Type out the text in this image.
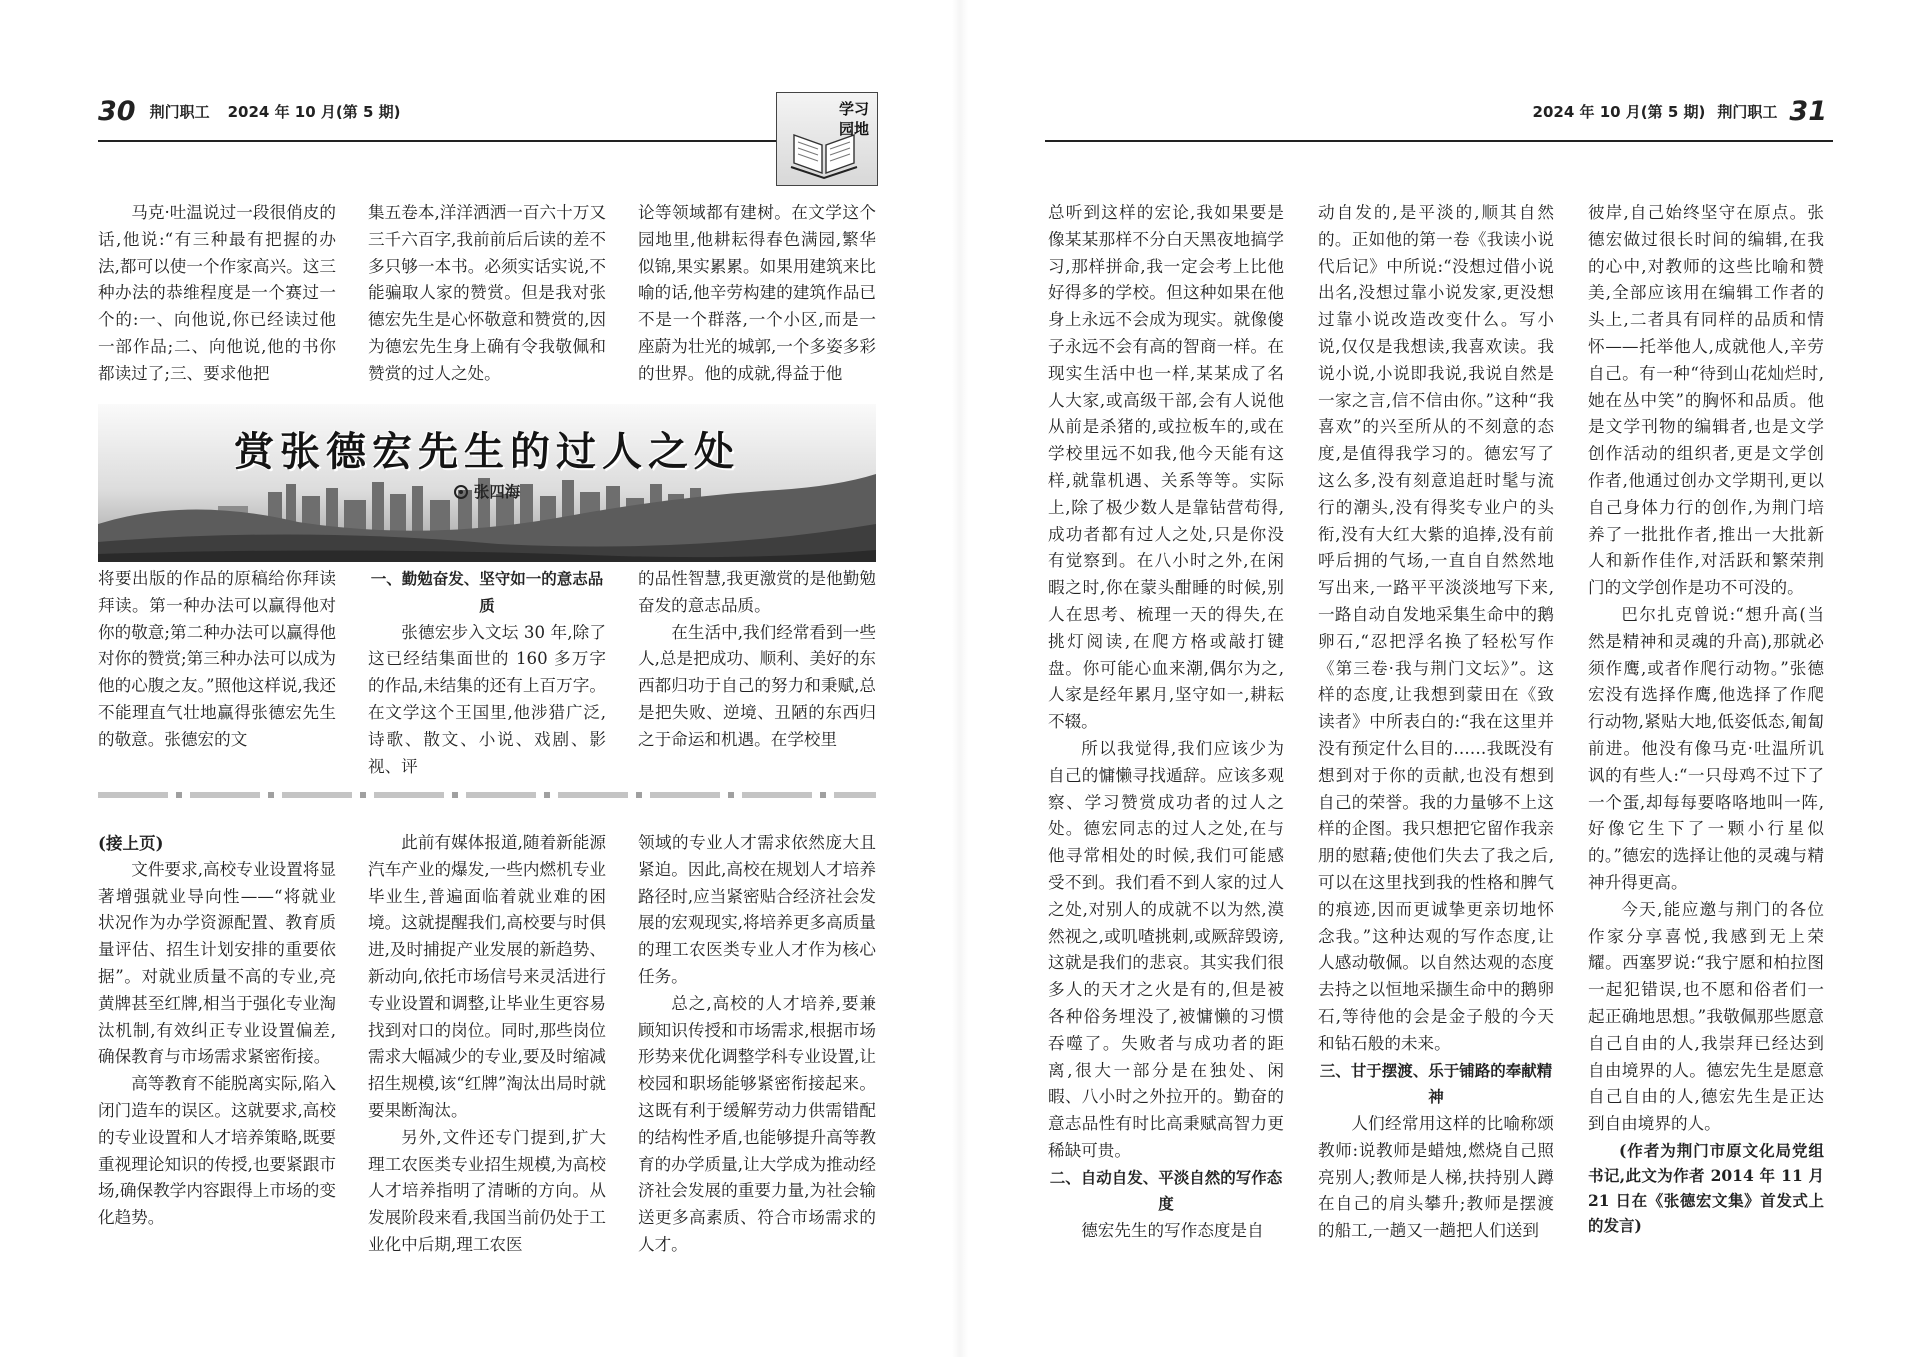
30 荆门职工 2024 年 10 月(第 5 期)	学习
园地

马克·吐温说过一段很俏皮的话,他说:“有三种最有把握的办法,都可以使一个作家高兴。这三种办法的恭维程度是一个赛过一个的:一、向他说,你已经读过他一部作品;二、向他说,他的书你都读过了;三、要求他把

集五卷本,洋洋洒洒一百六十万又三千六百字,我前前后后读的差不多只够一本书。必须实话实说,不能骗取人家的赞赏。但是我对张德宏先生是心怀敬意和赞赏的,因为德宏先生身上确有令我敬佩和赞赏的过人之处。

论等领域都有建树。在文学这个园地里,他耕耘得春色满园,繁华似锦,果实累累。如果用建筑来比喻的话,他辛劳构建的建筑作品已不是一个群落,一个小区,而是一座蔚为壮光的城郭,一个多姿多彩的世界。他的成就,得益于他

赏张德宏先生的过人之处
张四海

将要出版的作品的原稿给你拜读拜读。第一种办法可以赢得他对你的敬意;第二种办法可以赢得他对你的赞赏;第三种办法可以成为他的心腹之友。”照他这样说,我还不能理直气壮地赢得张德宏先生的敬意。张德宏的文

一、勤勉奋发、坚守如一的意志品质

张德宏步入文坛 30 年,除了这已经结集面世的 160 多万字的作品,未结集的还有上百万字。在文学这个王国里,他涉猎广泛,诗歌、散文、小说、戏剧、影视、评

的品性智慧,我更激赏的是他勤勉奋发的意志品质。

在生活中,我们经常看到一些人,总是把成功、顺利、美好的东西都归功于自己的努力和秉赋,总是把失败、逆境、丑陋的东西归之于命运和机遇。在学校里

(接上页)

文件要求,高校专业设置将显著增强就业导向性——“将就业状况作为办学资源配置、教育质量评估、招生计划安排的重要依据”。对就业质量不高的专业,亮黄牌甚至红牌,相当于强化专业淘汰机制,有效纠正专业设置偏差,确保教育与市场需求紧密衔接。

高等教育不能脱离实际,陷入闭门造车的误区。这就要求,高校的专业设置和人才培养策略,既要重视理论知识的传授,也要紧跟市场,确保教学内容跟得上市场的变化趋势。

此前有媒体报道,随着新能源汽车产业的爆发,一些内燃机专业毕业生,普遍面临着就业难的困境。这就提醒我们,高校要与时俱进,及时捕捉产业发展的新趋势、新动向,依托市场信号来灵活进行专业设置和调整,让毕业生更容易找到对口的岗位。同时,那些岗位需求大幅减少的专业,要及时缩减招生规模,该“红牌”淘汰出局时就要果断淘汰。

另外,文件还专门提到,扩大理工农医类专业招生规模,为高校人才培养指明了清晰的方向。从发展阶段来看,我国当前仍处于工业化中后期,理工农医

领域的专业人才需求依然庞大且紧迫。因此,高校在规划人才培养路径时,应当紧密贴合经济社会发展的宏观现实,将培养更多高质量的理工农医类专业人才作为核心任务。

总之,高校的人才培养,要兼顾知识传授和市场需求,根据市场形势来优化调整学科专业设置,让校园和职场能够紧密衔接起来。这既有利于缓解劳动力供需错配的结构性矛盾,也能够提升高等教育的办学质量,让大学成为推动经济社会发展的重要力量,为社会输送更多高素质、符合市场需求的人才。

2024 年 10 月(第 5 期) 荆门职工 31

总听到这样的宏论,我如果要是像某某那样不分白天黑夜地搞学习,那样拼命,我一定会考上比他好得多的学校。但这种如果在他身上永远不会成为现实。就像傻子永远不会有高的智商一样。在现实生活中也一样,某某成了名人大家,或高级干部,会有人说他从前是杀猪的,或拉板车的,或在学校里远不如我,他今天能有这样,就靠机遇、关系等等。实际上,除了极少数人是靠钻营苟得,成功者都有过人之处,只是你没有觉察到。在八小时之外,在闲暇之时,你在蒙头酣睡的时候,别人在思考、梳理一天的得失,在挑灯阅读,在爬方格或敲打键盘。你可能心血来潮,偶尔为之,人家是经年累月,坚守如一,耕耘不辍。

所以我觉得,我们应该少为自己的慵懒寻找遁辞。应该多观察、学习赞赏成功者的过人之处。德宏同志的过人之处,在与他寻常相处的时候,我们可能感受不到。我们看不到人家的过人之处,对别人的成就不以为然,漠然视之,或叽喳挑刺,或厥辞毁谤,这就是我们的悲哀。其实我们很多人的天才之火是有的,但是被各种俗务埋没了,被慵懒的习惯吞噬了。失败者与成功者的距离,很大一部分是在独处、闲暇、八小时之外拉开的。勤奋的意志品性有时比高秉赋高智力更稀缺可贵。

二、自动自发、平淡自然的写作态度

德宏先生的写作态度是自

动自发的,是平淡的,顺其自然的。正如他的第一卷《我读小说代后记》中所说:“没想过借小说出名,没想过靠小说发家,更没想过靠小说改造改变什么。写小说,仅仅是我想读,我喜欢读。我说小说,小说即我说,我说自然是一家之言,信不信由你。”这种“我喜欢”的兴至所从的不刻意的态度,是值得我学习的。德宏写了这么多,没有刻意追赶时髦与流行的潮头,没有得奖专业户的头衔,没有大红大紫的追捧,没有前呼后拥的气场,一直自自然然地写出来,一路平平淡淡地写下来,一路自动自发地采集生命中的鹅卵石,“忍把浮名换了轻松写作《第三卷·我与荆门文坛》”。这样的态度,让我想到蒙田在《致读者》中所表白的:“我在这里并没有预定什么目的……我既没有想到对于你的贡献,也没有想到自己的荣誉。我的力量够不上这样的企图。我只想把它留作我亲朋的慰藉;使他们失去了我之后,可以在这里找到我的性格和脾气的痕迹,因而更诚挚更亲切地怀念我。”这种达观的写作态度,让人感动敬佩。以自然达观的态度去持之以恒地采撷生命中的鹅卵石,等待他的会是金子般的今天和钻石般的未来。

三、甘于摆渡、乐于铺路的奉献精神

人们经常用这样的比喻称颂教师:说教师是蜡烛,燃烧自己照亮别人;教师是人梯,扶持别人蹲在自己的肩头攀升;教师是摆渡的船工,一趟又一趟把人们送到

彼岸,自己始终坚守在原点。张德宏做过很长时间的编辑,在我的心中,对教师的这些比喻和赞美,全部应该用在编辑工作者的头上,二者具有同样的品质和情怀——托举他人,成就他人,辛劳自己。有一种“待到山花灿烂时,她在丛中笑”的胸怀和品质。他是文学刊物的编辑者,也是文学创作活动的组织者,更是文学创作者,他通过创办文学期刊,更以自己身体力行的创作,为荆门培养了一批批作者,推出一大批新人和新作佳作,对活跃和繁荣荆门的文学创作是功不可没的。

巴尔扎克曾说:“想升高(当然是精神和灵魂的升高),那就必须作鹰,或者作爬行动物。”张德宏没有选择作鹰,他选择了作爬行动物,紧贴大地,低姿低态,匍匐前进。他没有像马克·吐温所讥讽的有些人:“一只母鸡不过下了一个蛋,却每每要咯咯地叫一阵,好像它生下了一颗小行星似的。”德宏的选择让他的灵魂与精神升得更高。

今天,能应邀与荆门的各位作家分享喜悦,我感到无上荣耀。西塞罗说:“我宁愿和柏拉图一起犯错误,也不愿和俗者们一起正确地思想。”我敬佩那些愿意自己自由的人,我崇拜已经达到自由境界的人。德宏先生是愿意自己自由的人,德宏先生是正达到自由境界的人。

(作者为荆门市原文化局党组书记,此文为作者 2014 年 11 月 21 日在《张德宏文集》首发式上的发言)
